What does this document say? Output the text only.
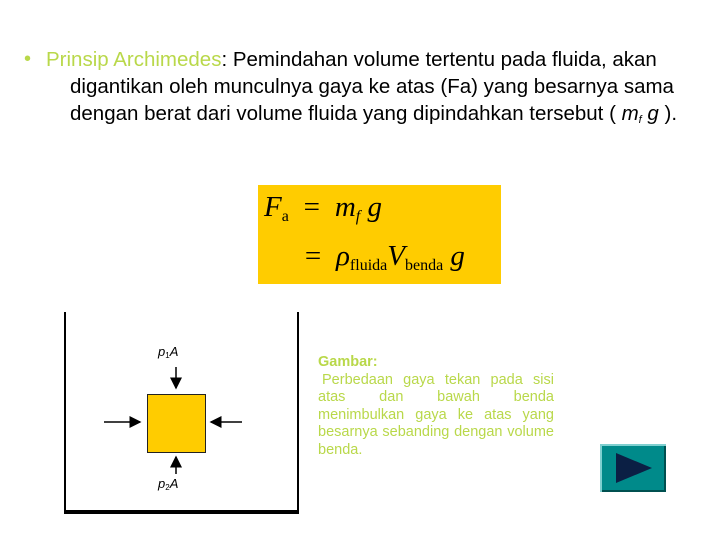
• Prinsip Archimedes: Pemindahan volume tertentu pada fluida, akan digantikan oleh munculnya gaya ke atas (Fa) yang besarnya sama dengan berat dari volume fluida yang dipindahkan tersebut ( $m_f$ g ).
Fa = mf g
= ρfluidaVbenda g
p1A
p2A
Gambar:
Perbedaan gaya tekan pada sisi atas dan bawah benda menimbulkan gaya ke atas yang besarnya sebanding dengan volume benda.
